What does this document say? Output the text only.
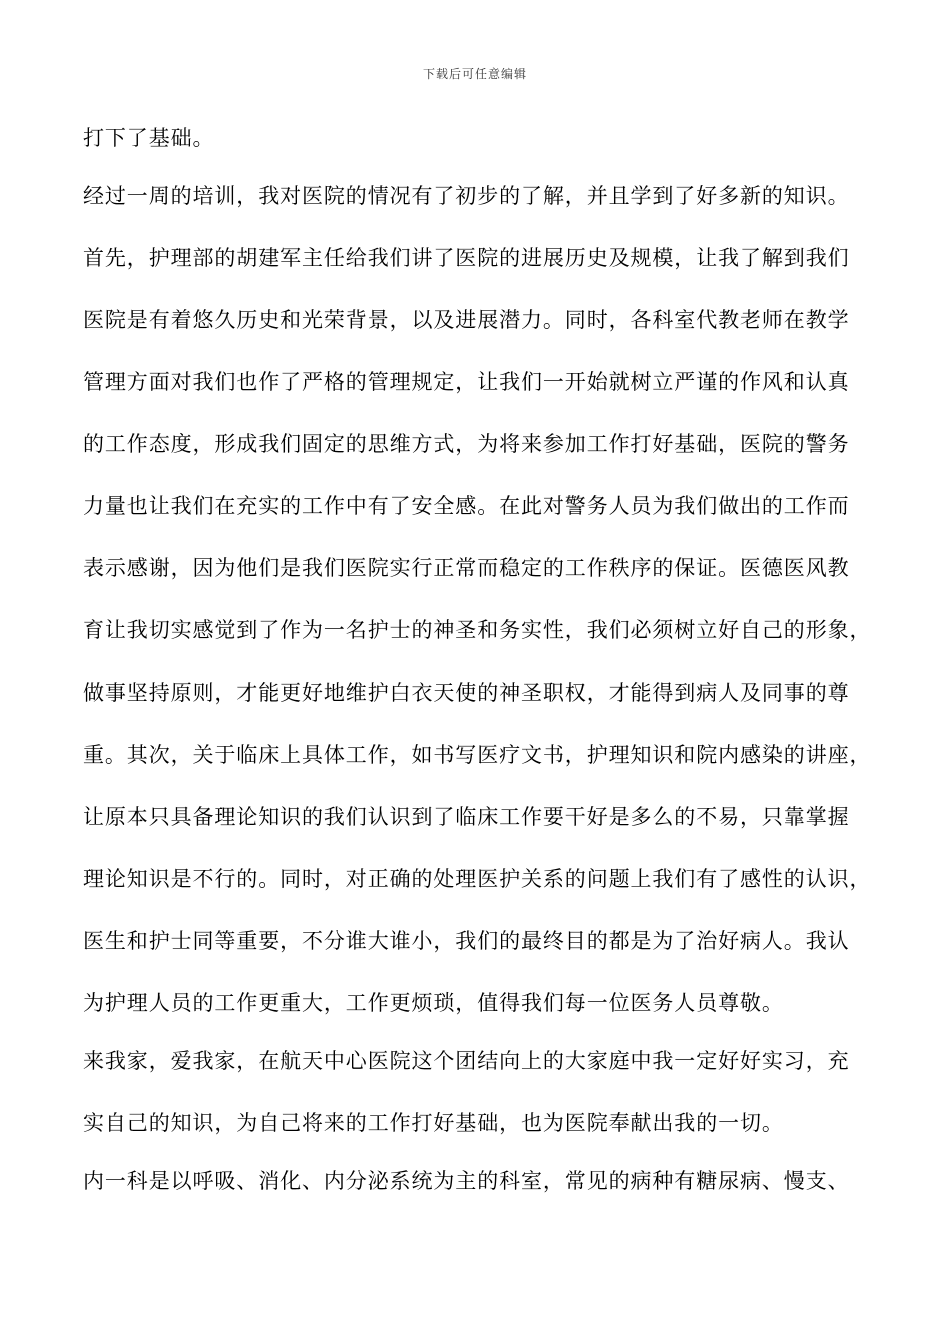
下载后可任意编辑
打下了基础。
经过一周的培训，我对医院的情况有了初步的了解，并且学到了好多新的知识。
首先，护理部的胡建军主任给我们讲了医院的进展历史及规模，让我了解到我们
医院是有着悠久历史和光荣背景，以及进展潜力。同时，各科室代教老师在教学
管理方面对我们也作了严格的管理规定，让我们一开始就树立严谨的作风和认真
的工作态度，形成我们固定的思维方式，为将来参加工作打好基础，医院的警务
力量也让我们在充实的工作中有了安全感。在此对警务人员为我们做出的工作而
表示感谢，因为他们是我们医院实行正常而稳定的工作秩序的保证。医德医风教
育让我切实感觉到了作为一名护士的神圣和务实性，我们必须树立好自己的形象，
做事坚持原则，才能更好地维护白衣天使的神圣职权，才能得到病人及同事的尊
重。其次，关于临床上具体工作，如书写医疗文书，护理知识和院内感染的讲座，
让原本只具备理论知识的我们认识到了临床工作要干好是多么的不易，只靠掌握
理论知识是不行的。同时，对正确的处理医护关系的问题上我们有了感性的认识，
医生和护士同等重要，不分谁大谁小，我们的最终目的都是为了治好病人。我认
为护理人员的工作更重大，工作更烦琐，值得我们每一位医务人员尊敬。
来我家，爱我家，在航天中心医院这个团结向上的大家庭中我一定好好实习，充
实自己的知识，为自己将来的工作打好基础，也为医院奉献出我的一切。
内一科是以呼吸、消化、内分泌系统为主的科室，常见的病种有糖尿病、慢支、
